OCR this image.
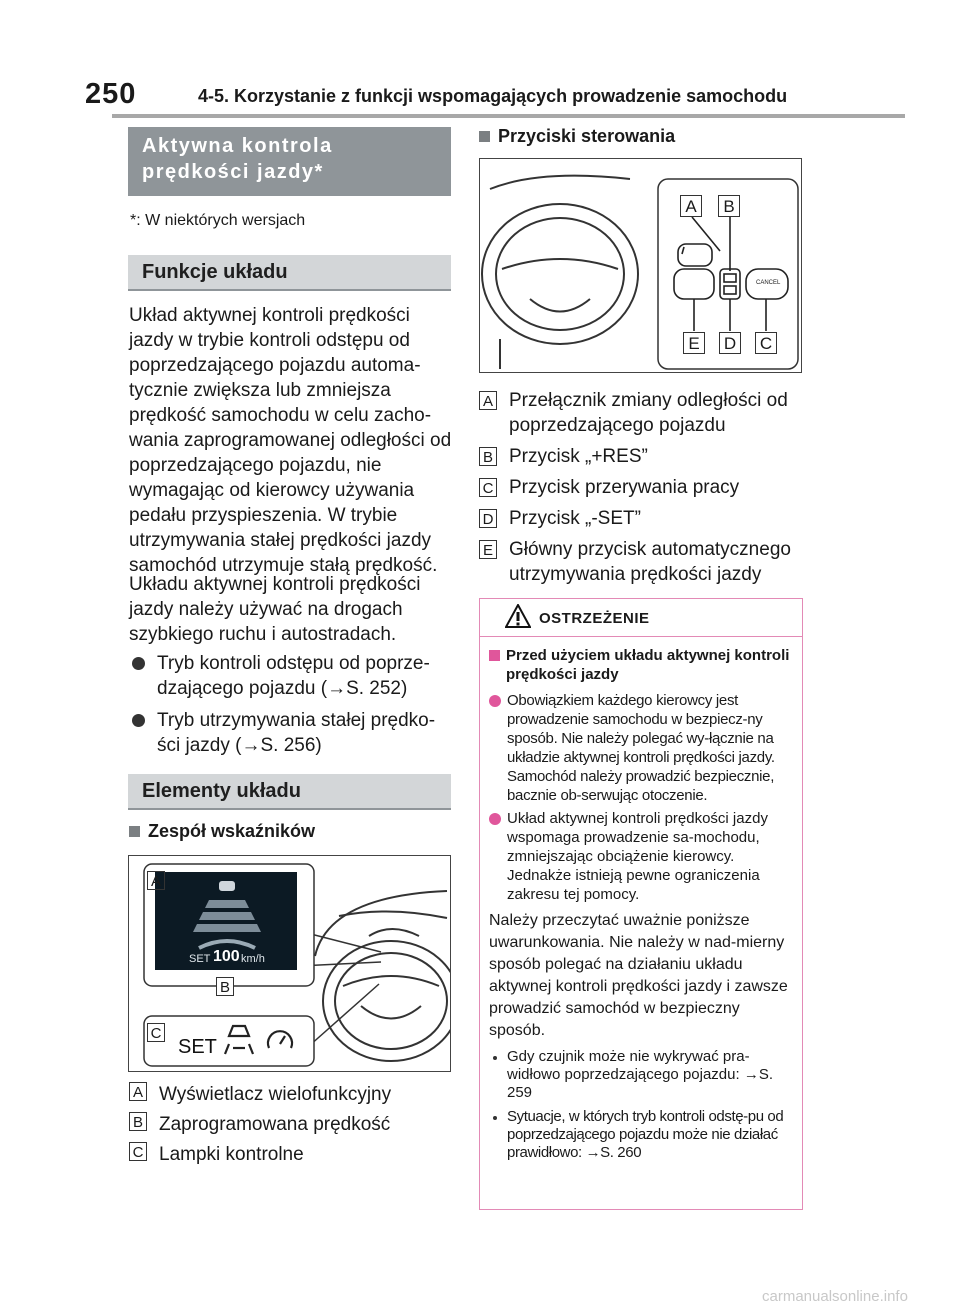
250	4-5. Korzystanie z funkcji wspomagających prowadzenie samochodu
Aktywna kontrola prędkości jazdy*
*: W niektórych wersjach
Funkcje układu
Układ aktywnej kontroli prędkości jazdy w trybie kontroli odstępu od poprzedzającego pojazdu automa-tycznie zwiększa lub zmniejsza prędkość samochodu w celu zacho-wania zaprogramowanej odległości od poprzedzającego pojazdu, nie wymagając od kierowcy używania pedału przyspieszenia. W trybie utrzymywania stałej prędkości jazdy samochód utrzymuje stałą prędkość.
Układu aktywnej kontroli prędkości jazdy należy używać na drogach szybkiego ruchu i autostradach.
Tryb kontroli odstępu od poprze-dzającego pojazdu (→S. 252)
Tryb utrzymywania stałej prędko-ści jazdy (→S. 256)
Elementy układu
Zespół wskaźników
A
SET 100 km/h
B
C
SET
A Wyświetlacz wielofunkcyjny
B Zaprogramowana prędkość
C Lampki kontrolne
Przyciski sterowania
A	B
E	D C
CANCEL
A Przełącznik zmiany odległości od poprzedzającego pojazdu
B Przycisk „+RES”
C Przycisk przerywania pracy
D Przycisk „-SET”
E Główny przycisk automatycznego utrzymywania prędkości jazdy
OSTRZEŻENIE
Przed użyciem układu aktywnej kontroli prędkości jazdy
Obowiązkiem każdego kierowcy jest prowadzenie samochodu w bezpiecz-ny sposób. Nie należy polegać wy-łącznie na układzie aktywnej kontroli prędkości jazdy. Samochód należy prowadzić bezpiecznie, bacznie ob-serwując otoczenie.
Układ aktywnej kontroli prędkości jazdy wspomaga prowadzenie sa-mochodu, zmniejszając obciążenie kierowcy. Jednakże istnieją pewne ograniczenia zakresu tej pomocy.
Należy przeczytać uważnie poniższe uwarunkowania. Nie należy w nad-mierny sposób polegać na działaniu układu aktywnej kontroli prędkości jazdy i zawsze prowadzić samochód w bezpieczny sposób.
Gdy czujnik może nie wykrywać pra-widłowo poprzedzającego pojazdu: →S. 259
Sytuacje, w których tryb kontroli odstę-pu od poprzedzającego pojazdu może nie działać prawidłowo: →S. 260
carmanualsonline.info
